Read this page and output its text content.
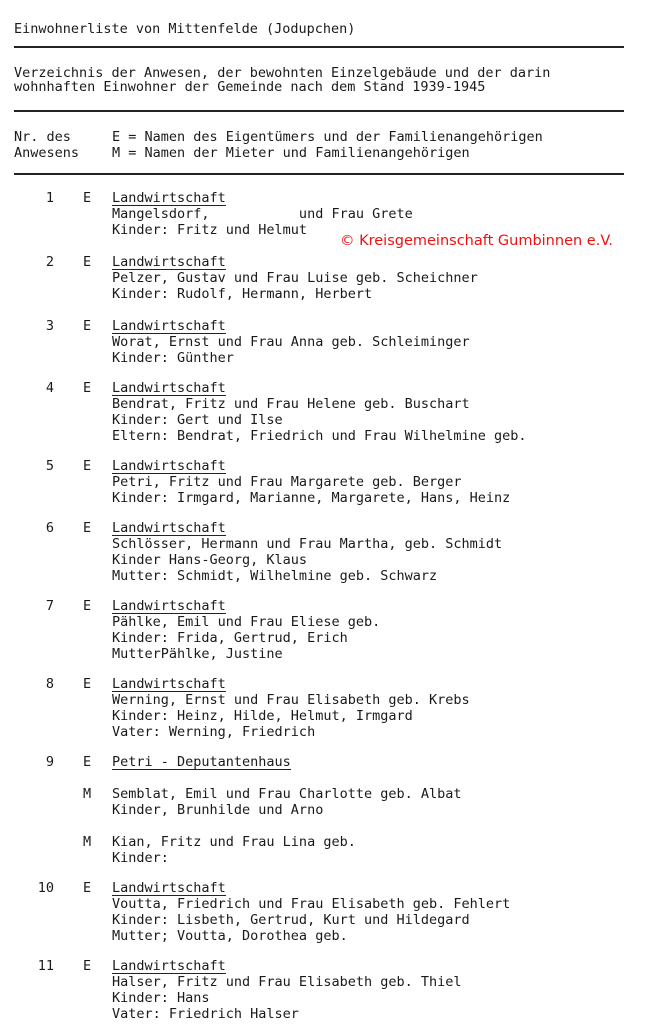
Einwohnerliste von Mittenfelde (Jodupchen)
Verzeichnis der Anwesen, der bewohnten Einzelgebäude und der darin
wohnhaften Einwohner der Gemeinde nach dem Stand 1939-1945
Nr. des
Anwesens
E = Namen des Eigentümers und der Familienangehörigen
M = Namen der Mieter und Familienangehörigen
© Kreisgemeinschaft Gumbinnen e.V.
1 E Landwirtschaft
Mangelsdorf,           und Frau Grete
Kinder: Fritz und Helmut
2 E Landwirtschaft
Pelzer, Gustav und Frau Luise geb. Scheichner
Kinder: Rudolf, Hermann, Herbert
3 E Landwirtschaft
Worat, Ernst und Frau Anna geb. Schleiminger
Kinder: Günther
4 E Landwirtschaft
Bendrat, Fritz und Frau Helene geb. Buschart
Kinder: Gert und Ilse
Eltern: Bendrat, Friedrich und Frau Wilhelmine geb.
5 E Landwirtschaft
Petri, Fritz und Frau Margarete geb. Berger
Kinder: Irmgard, Marianne, Margarete, Hans, Heinz
6 E Landwirtschaft
Schlösser, Hermann und Frau Martha, geb. Schmidt
Kinder Hans-Georg, Klaus
Mutter: Schmidt, Wilhelmine geb. Schwarz
7 E Landwirtschaft
Pählke, Emil und Frau Eliese geb.
Kinder: Frida, Gertrud, Erich
MutterPählke, Justine
8 E Landwirtschaft
Werning, Ernst und Frau Elisabeth geb. Krebs
Kinder: Heinz, Hilde, Helmut, Irmgard
Vater: Werning, Friedrich
9 E Petri - Deputantenhaus
M Semblat, Emil und Frau Charlotte geb. Albat
Kinder, Brunhilde und Arno
M Kian, Fritz und Frau Lina geb.
Kinder:
10 E Landwirtschaft
Voutta, Friedrich und Frau Elisabeth geb. Fehlert
Kinder: Lisbeth, Gertrud, Kurt und Hildegard
Mutter; Voutta, Dorothea geb.
11 E Landwirtschaft
Halser, Fritz und Frau Elisabeth geb. Thiel
Kinder: Hans
Vater: Friedrich Halser
